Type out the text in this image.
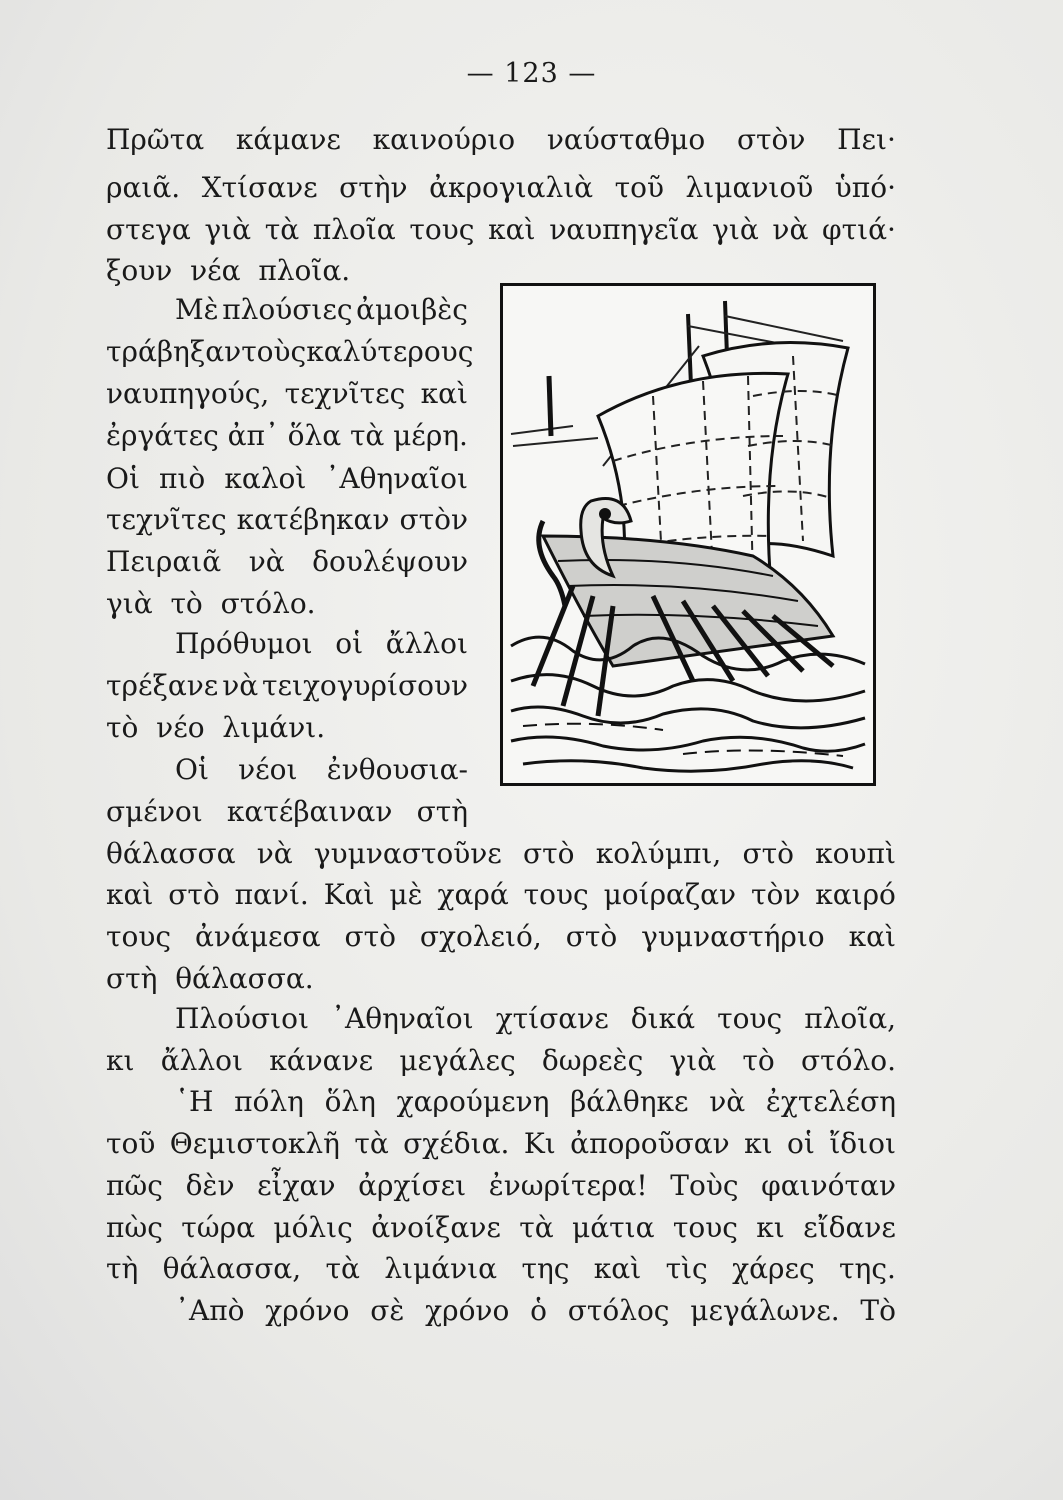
— 123 —
Πρῶτα κάμανε καινούριο ναύσταθμο στὸν Πει·
ραιᾶ. Χτίσανε στὴν ἀκρογιαλιὰ τοῦ λιμανιοῦ ὑπό·
στεγα γιὰ τὰ πλοῖα τους καὶ ναυπηγεῖα γιὰ νὰ φτιά·
ξουν νέα πλοῖα.
Μὲ πλούσιες ἀμοιβὲς
τράβηξαν τοὺς καλύτερους
ναυπηγούς, τεχνῖτες καὶ
ἐργάτες ἀπ᾽ ὅλα τὰ μέρη.
Οἱ πιὸ καλοὶ ᾽Αθηναῖοι
τεχνῖτες κατέβηκαν στὸν
Πειραιᾶ νὰ δουλέψουν
γιὰ τὸ στόλο.
Πρόθυμοι οἱ ἄλλοι
τρέξανε νὰ τειχογυρίσουν
τὸ νέο λιμάνι.
Οἱ νέοι ἐνθουσια-
σμένοι κατέβαιναν στὴ
θάλασσα νὰ γυμναστοῦνε στὸ κολύμπι, στὸ κουπὶ
καὶ στὸ πανί. Καὶ μὲ χαρά τους μοίραζαν τὸν καιρό
τους ἀνάμεσα στὸ σχολειό, στὸ γυμναστήριο καὶ
στὴ θάλασσα.
Πλούσιοι ᾽Αθηναῖοι χτίσανε δικά τους πλοῖα,
κι ἄλλοι κάνανε μεγάλες δωρεὲς γιὰ τὸ στόλο.
῾Η πόλη ὅλη χαρούμενη βάλθηκε νὰ ἐχτελέση
τοῦ Θεμιστοκλῆ τὰ σχέδια. Κι ἀποροῦσαν κι οἱ ἴδιοι
πῶς δὲν εἶχαν ἀρχίσει ἐνωρίτερα! Τοὺς φαινόταν
πὼς τώρα μόλις ἀνοίξανε τὰ μάτια τους κι εἴδανε
τὴ θάλασσα, τὰ λιμάνια της καὶ τὶς χάρες της.
᾽Απὸ χρόνο σὲ χρόνο ὁ στόλος μεγάλωνε. Τὸ
